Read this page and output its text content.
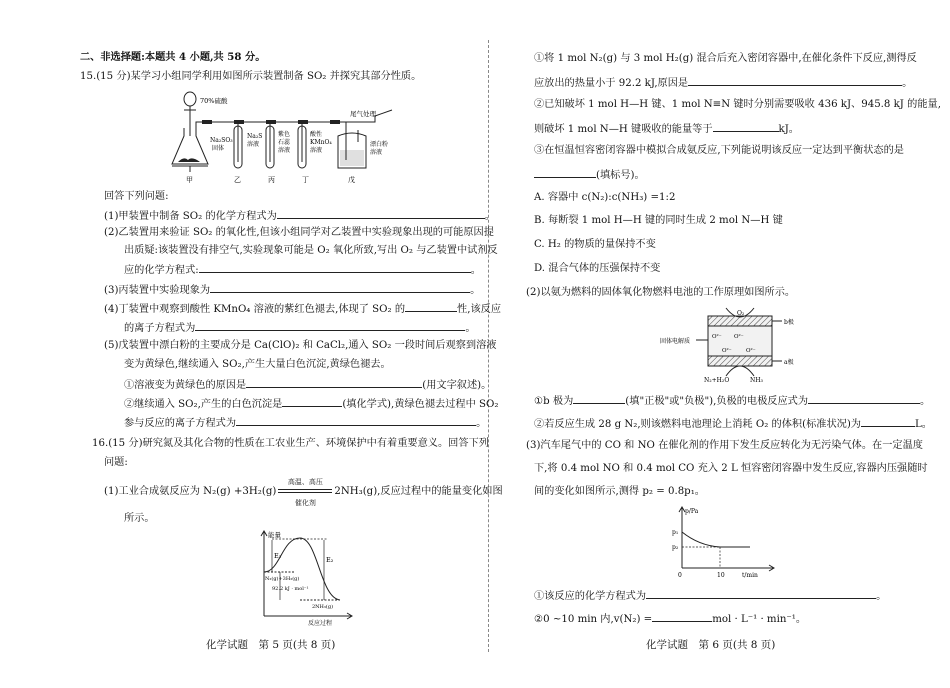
二、非选择题:本题共 4 小题,共 58 分。
15.(15 分)某学习小组同学利用如图所示装置制备 SO₂ 并探究其部分性质。
70%硫酸
Na₂SO₃
固体
尾气处理
Na₂S
溶液
紫色
石蕊
溶液
酸性
KMnO₄
溶液
漂白粉
溶液
甲	乙	丙	丁	戊
回答下列问题:
(1)甲装置中制备 SO₂ 的化学方程式为	。
(2)乙装置用来验证 SO₂ 的氧化性,但该小组同学对乙装置中实验现象出现的可能原因提
出质疑:该装置没有排空气,实验现象可能是 O₂ 氧化所致,写出 O₂ 与乙装置中试剂反
应的化学方程式:	。
(3)丙装置中实验现象为	。
(4)丁装置中观察到酸性 KMnO₄ 溶液的紫红色褪去,体现了 SO₂ 的	性,该反应
的离子方程式为	。
(5)戊装置中漂白粉的主要成分是 Ca(ClO)₂ 和 CaCl₂,通入 SO₂ 一段时间后观察到溶液
变为黄绿色,继续通入 SO₂,产生大量白色沉淀,黄绿色褪去。
①溶液变为黄绿色的原因是	(用文字叙述)。
②继续通入 SO₂,产生的白色沉淀是	(填化学式),黄绿色褪去过程中 SO₂
参与反应的离子方程式为	。
16.(15 分)研究氮及其化合物的性质在工农业生产、环境保护中有着重要意义。回答下列
问题:
(1)工业合成氨反应为 N₂(g) +3H₂(g)
高温、高压
催化剂
2NH₃(g),反应过程中的能量变化如图
所示。
能量
E₁	E₂
N₂(g)+3H₂(g)
92.2 kJ · mol⁻¹
2NH₃(g)
反应过程
化学试题　第 5 页(共 8 页)
①将 1 mol N₂(g) 与 3 mol H₂(g) 混合后充入密闭容器中,在催化条件下反应,测得反
应放出的热量小于 92.2 kJ,原因是	。
②已知破坏 1 mol H—H 键、1 mol N≡N 键时分别需要吸收 436 kJ、945.8 kJ 的能量,
则破坏 1 mol N—H 键吸收的能量等于	kJ。
③在恒温恒容密闭容器中模拟合成氨反应,下列能说明该反应一定达到平衡状态的是
(填标号)。
A. 容器中 c(N₂):c(NH₃) =1:2
B. 每断裂 1 mol H—H 键的同时生成 2 mol N—H 键
C. H₂ 的物质的量保持不变
D. 混合气体的压强保持不变
(2)以氨为燃料的固体氧化物燃料电池的工作原理如图所示。
O₂
b极
a极
固体电解质
O²⁻ O²⁻
O²⁻	O²⁻
N₂+H₂O	NH₃
①b 极为	(填"正极"或"负极"),负极的电极反应式为	。
②若反应生成 28 g N₂,则该燃料电池理论上消耗 O₂ 的体积(标准状况)为	L。
(3)汽车尾气中的 CO 和 NO 在催化剂的作用下发生反应转化为无污染气体。在一定温度
下,将 0.4 mol NO 和 0.4 mol CO 充入 2 L 恒容密闭容器中发生反应,容器内压强随时
间的变化如图所示,测得 p₂ = 0.8p₁。
p/Pa
p₁
p₂
0	10	t/min
①该反应的化学方程式为	。
②0 ~10 min 内,v(N₂) =	mol · L⁻¹ · min⁻¹。
化学试题　第 6 页(共 8 页)
